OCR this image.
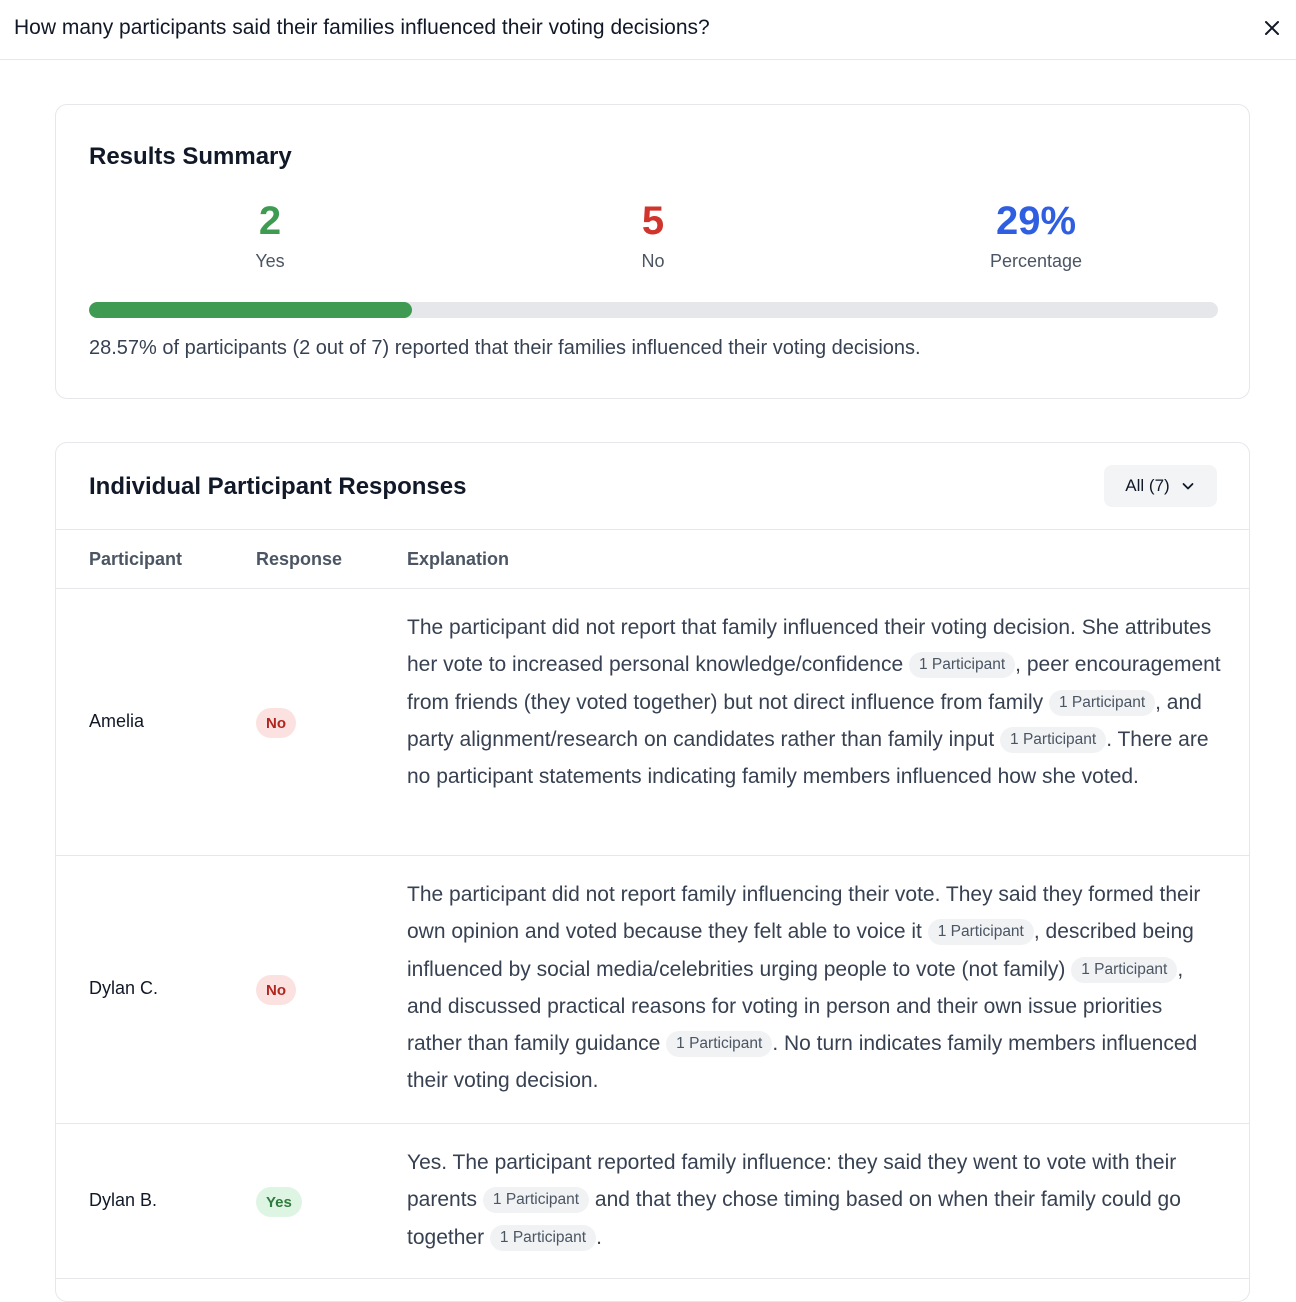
How many participants said their families influenced their voting decisions?
Results Summary
2
Yes
5
No
29%
Percentage
28.57% of participants (2 out of 7) reported that their families influenced their voting decisions.
Individual Participant Responses	All (7)
Participant	Response	Explanation
Amelia	No
The participant did not report that family influenced their voting decision. She attributes her vote to increased personal knowledge/confidence 1 Participant , peer encouragement from friends (they voted together) but not direct influence from family 1 Participant , and party alignment/research on candidates rather than family input 1 Participant . There are no participant statements indicating family members influenced how she voted.
Dylan C.	No
The participant did not report family influencing their vote. They said they formed their own opinion and voted because they felt able to voice it 1 Participant , described being influenced by social media/celebrities urging people to vote (not family) 1 Participant , and discussed practical reasons for voting in person and their own issue priorities rather than family guidance 1 Participant . No turn indicates family members influenced their voting decision.
Dylan B.	Yes
Yes. The participant reported family influence: they said they went to vote with their parents 1 Participant and that they chose timing based on when their family could go together 1 Participant .
